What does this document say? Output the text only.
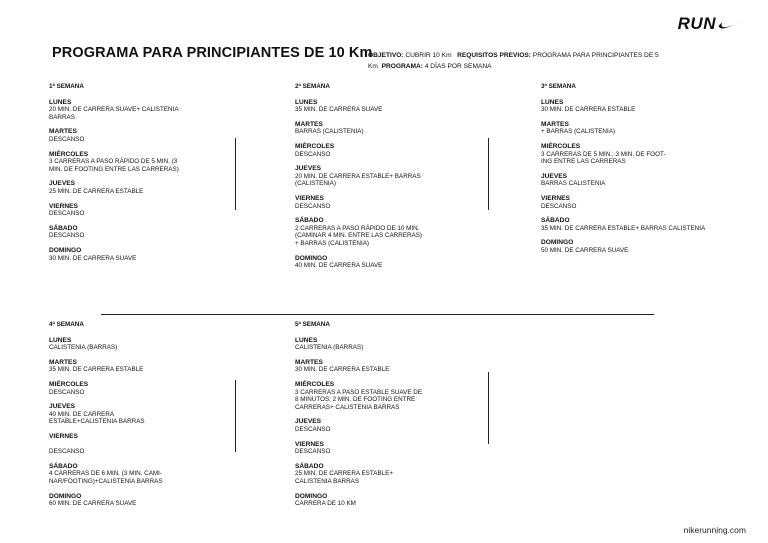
RUN
PROGRAMA PARA PRINCIPIANTES DE 10 Km
OBJETIVO: CUBRIR 10 Km REQUISITOS PREVIOS: PROGRAMA PARA PRINCIPIANTES DE 5 Km PROGRAMA: 4 DÍAS POR SEMANA
1ª SEMANA
LUNES
20 MIN. DE CARRERA SUAVE+ CALISTENIA
BARRAS
MARTES
DESCANSO
MIÉRCOLES
3 CARRERAS A PASO RÁPIDO DE 5 MIN. (3
MIN. DE FOOTING ENTRE LAS CARRERAS)
JUEVES
25 MIN. DE CARRERA ESTABLE
VIERNES
DESCANSO
SÁBADO
DESCANSO
DOMINGO
30 MIN. DE CARRERA SUAVE
2ª SEMANA
LUNES
35 MIN. DE CARRERA SUAVE
MARTES
BARRAS (CALISTENIA)
MIÉRCOLES
DESCANSO
JUEVES
20 MIN. DE CARRERA ESTABLE+ BARRAS
(CALISTENIA)
VIERNES
DESCANSO
SÁBADO
2 CARRERAS A PASO RÁPIDO DE 10 MIN.
(CAMINAR 4 MIN. ENTRE LAS CARRERAS)
+ BARRAS (CALISTENIA)
DOMINGO
40 MIN. DE CARRERA SUAVE
3ª SEMANA
LUNES
30 MIN. DE CARRERA ESTABLE
MARTES
+ BARRAS (CALISTENIA)
MIÉRCOLES
3 CARRERAS DE 5 MIN.; 3 MIN. DE FOOT-
ING ENTRE LAS CARRERAS
JUEVES
BARRAS CALISTENIA
VIERNES
DESCANSO
SÁBADO
35 MIN. DE CARRERA ESTABLE+ BARRAS CALISTENIA
DOMINGO
50 MIN. DE CARRERA SUAVE
4ª SEMANA
LUNES
CALISTENIA (BARRAS)
MARTES
35 MIN. DE CARRERA ESTABLE
MIÉRCOLES
DESCANSO
JUEVES
40 MIN. DE CARRERA
ESTABLE+CALISTENIA BARRAS
VIERNES

DESCANSO
SÁBADO
4 CARRERAS DE 6 MIN. (3 MIN. CAMI-
NAR/FOOTING)+CALISTENIA BARRAS
DOMINGO
60 MIN. DE CARRERA SUAVE
5ª SEMANA
LUNES
CALISTENIA (BARRAS)

MARTES
30 MIN. DE CARRERA ESTABLE
MIÉRCOLES
3 CARRERAS A PASO ESTABLE SUAVE DE
8 MINUTOS; 2 MIN. DE FOOTING ENTRE
CARRERAS+ CALISTENIA BARRAS
JUEVES
DESCANSO
VIERNES
DESCANSO
SÁBADO
25 MIN. DE CARRERA ESTABLE+
CALISTENIA BARRAS
DOMINGO
CARRERA DE 10 KM
nikerunning.com
